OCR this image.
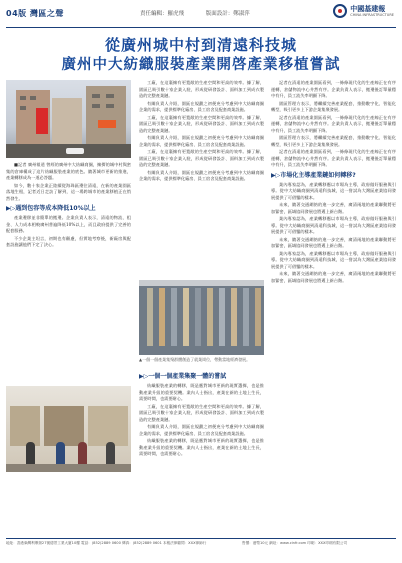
04版 灣區之聲	責任編輯：羅虎飛	版面設計：鄭淑萍
中國基建報
CHINA INFRASTRUCTURE
從廣州城中村到清遠科技城
廣州中大紡織服裝產業開啓產業移植嘗試

■記者 廣州報道 曾經的廣州中大紡織商圈，擁擠的城中村與密集的倉庫構成了這片紡織服裝產業的底色。隨著城市更新的推進，產業轉移成為一道必答題。

如今，數十家企業正陸續從海珠區遷往清遠，在新的產業園區落地生根，記者近日走訪了解到，這一場跨城市的產業移植正在悄然發生。

▶▷遇到包容等成本降低10%以上

產業遷移並非簡單的搬遷。企業負責人表示，清遠的物流、租金、人力成本相較廣州普遍降低10%以上，而且政府提供了完善的配套服務。

不少企業主坦言，初期也有顧慮，但實地考察後，新廠房與配套設施讓他們下定了決心。

工廠，在這裏擁有更寬敞的生產空間和更高的效率。據了解，園區已吸引數十家企業入駐，形成從研發設計、面料加工到成衣製造的完整產業鏈。

有關負責人介紹，園區在規劃之初便充分考慮到中大紡織商圈企業的需求，提供標準化廠房、員工宿舍及配套商業設施。

工廠，在這裏擁有更寬敞的生產空間和更高的效率。據了解，園區已吸引數十家企業入駐，形成從研發設計、面料加工到成衣製造的完整產業鏈。

有關負責人介紹，園區在規劃之初便充分考慮到中大紡織商圈企業的需求，提供標準化廠房、員工宿舍及配套商業設施。

工廠，在這裏擁有更寬敞的生產空間和更高的效率。據了解，園區已吸引數十家企業入駐，形成從研發設計、面料加工到成衣製造的完整產業鏈。

有關負責人介紹，園區在規劃之初便充分考慮到中大紡織商圈企業的需求，提供標準化廠房、員工宿舍及配套商業設施。

▲一個一個產業集聚群體創造了就業崗位，帶動當地經濟發展。
▶▷一個一個產業集聚一體的嘗試

紡織服裝產業的轉移，既是應對城市更新的現實選擇，也是推動產業升級的重要契機。業內人士指出，產業在新的土地上生長，需要時間，也需要耐心。

工廠，在這裏擁有更寬敞的生產空間和更高的效率。據了解，園區已吸引數十家企業入駐，形成從研發設計、面料加工到成衣製造的完整產業鏈。

有關負責人介紹，園區在規劃之初便充分考慮到中大紡織商圈企業的需求，提供標準化廠房、員工宿舍及配套商業設施。

紡織服裝產業的轉移，既是應對城市更新的現實選擇，也是推動產業升級的重要契機。業內人士指出，產業在新的土地上生長，需要時間，也需要耐心。

記者在清遠的產業園區看到，一條條現代化的生產線正在有序運轉，倉儲物流中心井然有序。企業負責人表示，搬遷後訂單量穩中有升，員工流失率明顯下降。

園區管理方表示，將繼續完善產業配套，推動數字化、智能化轉型，吸引更多上下游企業集聚發展。

記者在清遠的產業園區看到，一條條現代化的生產線正在有序運轉，倉儲物流中心井然有序。企業負責人表示，搬遷後訂單量穩中有升，員工流失率明顯下降。

園區管理方表示，將繼續完善產業配套，推動數字化、智能化轉型，吸引更多上下游企業集聚發展。

記者在清遠的產業園區看到，一條條現代化的生產線正在有序運轉，倉儲物流中心井然有序。企業負責人表示，搬遷後訂單量穩中有升，員工流失率明顯下降。

▶▷市場化主導產業鏈如何轉移?

業內專家認為，產業轉移應以市場為主導，政府做好服務與引導。從中大紡織商圈到清遠科技城，這一嘗試為大灣區產業協同發展提供了可借鑒的樣本。

未來，隨著交通網絡的進一步完善，廣清兩地的產業聯動將更加緊密，區域協同發展也將邁上新台階。

業內專家認為，產業轉移應以市場為主導，政府做好服務與引導。從中大紡織商圈到清遠科技城，這一嘗試為大灣區產業協同發展提供了可借鑒的樣本。

未來，隨著交通網絡的進一步完善，廣清兩地的產業聯動將更加緊密，區域協同發展也將邁上新台階。

業內專家認為，產業轉移應以市場為主導，政府做好服務與引導。從中大紡織商圈到清遠科技城，這一嘗試為大灣區產業協同發展提供了可借鑒的樣本。

未來，隨著交通網絡的進一步完善，廣清兩地的產業聯動將更加緊密，區域協同發展也將邁上新台階。

地址：香港柴灣利眾街27號德景工業大廈10樓 電話：(852)2889 0600 傳真：(852)2889 0601 本報法律顧問：XXX律師行	售價：港幣10元 網址：www.cinfr.com 印刷：XXX印刷有限公司
